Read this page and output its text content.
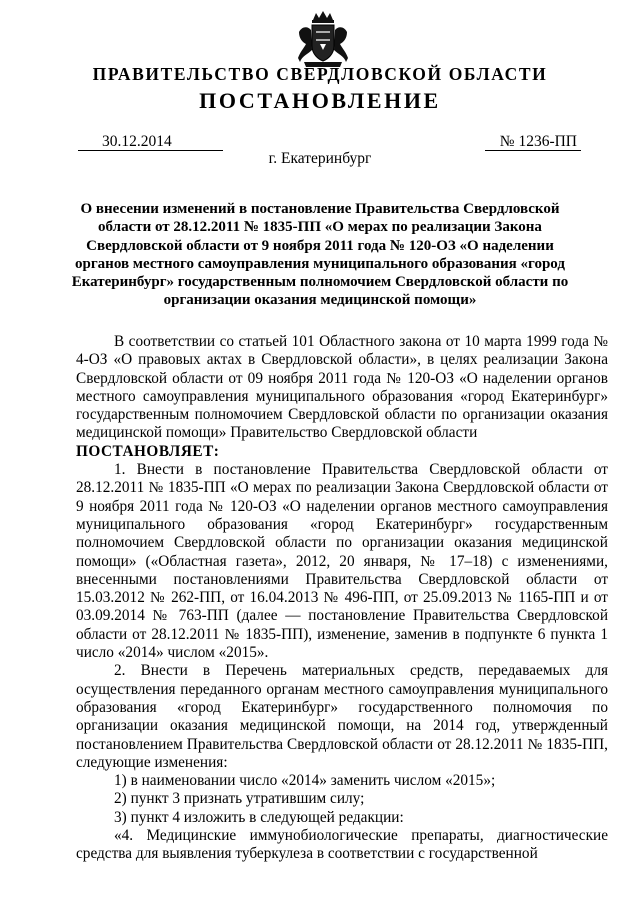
ПРАВИТЕЛЬСТВО СВЕРДЛОВСКОЙ ОБЛАСТИ
ПОСТАНОВЛЕНИЕ
30.12.2014	№ 1236-ПП
г. Екатеринбург
О внесении изменений в постановление Правительства Свердловской области от 28.12.2011 № 1835-ПП «О мерах по реализации Закона Свердловской области от 9 ноября 2011 года № 120-ОЗ «О наделении органов местного самоуправления муниципального образования «город Екатеринбург» государственным полномочием Свердловской области по организации оказания медицинской помощи»

В соответствии со статьей 101 Областного закона от 10 марта 1999 года № 4-ОЗ «О правовых актах в Свердловской области», в целях реализации Закона Свердловской области от 09 ноября 2011 года № 120-ОЗ «О наделении органов местного самоуправления муниципального образования «город Екатеринбург» государственным полномочием Свердловской области по организации оказания медицинской помощи» Правительство Свердловской области

ПОСТАНОВЛЯЕТ:

1. Внести в постановление Правительства Свердловской области от 28.12.2011 № 1835-ПП «О мерах по реализации Закона Свердловской области от 9 ноября 2011 года № 120-ОЗ «О наделении органов местного самоуправления муниципального образования «город Екатеринбург» государственным полномочием Свердловской области по организации оказания медицинской помощи» («Областная газета», 2012, 20 января, № 17–18) с изменениями, внесенными постановлениями Правительства Свердловской области от 15.03.2012 № 262-ПП, от 16.04.2013 № 496-ПП, от 25.09.2013 № 1165-ПП и от 03.09.2014 № 763-ПП (далее — постановление Правительства Свердловской области от 28.12.2011 № 1835-ПП), изменение, заменив в подпункте 6 пункта 1 число «2014» числом «2015».

2. Внести в Перечень материальных средств, передаваемых для осуществления переданного органам местного самоуправления муниципального образования «город Екатеринбург» государственного полномочия по организации оказания медицинской помощи, на 2014 год, утвержденный постановлением Правительства Свердловской области от 28.12.2011 № 1835-ПП, следующие изменения:

1) в наименовании число «2014» заменить числом «2015»;

2) пункт 3 признать утратившим силу;

3) пункт 4 изложить в следующей редакции:

«4. Медицинские иммунобиологические препараты, диагностические средства для выявления туберкулеза в соответствии с государственной
